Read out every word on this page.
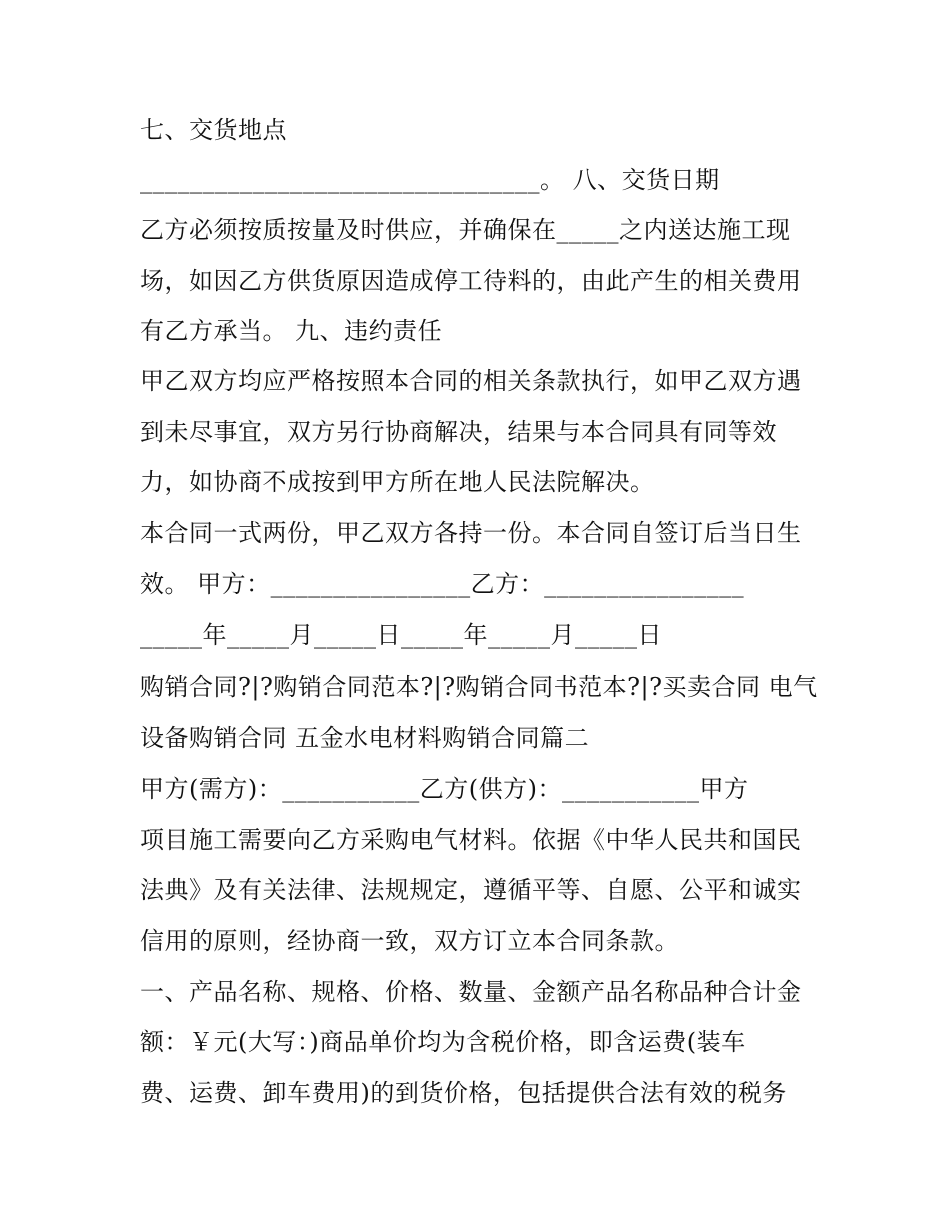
七、交货地点
________________________________。 八、交货日期
乙方必须按质按量及时供应，并确保在_____之内送达施工现
场，如因乙方供货原因造成停工待料的，由此产生的相关费用
有乙方承当。 九、违约责任
甲乙双方均应严格按照本合同的相关条款执行，如甲乙双方遇
到未尽事宜，双方另行协商解决，结果与本合同具有同等效
力，如协商不成按到甲方所在地人民法院解决。
本合同一式两份，甲乙双方各持一份。本合同自签订后当日生
效。 甲方：________________乙方：________________
_____年_____月_____日_____年_____月_____日
购销合同?|?购销合同范本?|?购销合同书范本?|?买卖合同 电气
设备购销合同 五金水电材料购销合同篇二
甲方(需方)：___________乙方(供方)：___________甲方
项目施工需要向乙方采购电气材料。依据《中华人民共和国民
法典》及有关法律、法规规定，遵循平等、自愿、公平和诚实
信用的原则，经协商一致，双方订立本合同条款。
一、产品名称、规格、价格、数量、金额产品名称品种合计金
额：￥元(大写：)商品单价均为含税价格，即含运费(装车
费、运费、卸车费用)的到货价格，包括提供合法有效的税务
